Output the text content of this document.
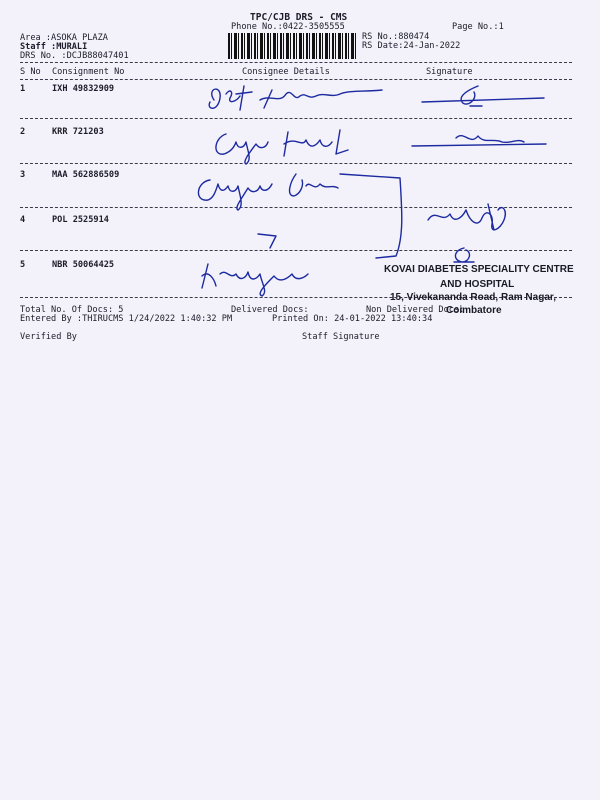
TPC/CJB DRS - CMS
Phone No.:0422-3505555	Page No.:1
Area :ASOKA PLAZA
Staff :MURALI
DRS No. :DCJB88047401
RS No.:880474
RS Date:24-Jan-2022
S No Consignment No	Consignee Details	Signature
1	IXH 49832909
2	KRR 721203
3	MAA 562886509
4	POL 2525914
5	NBR 50064425	KOVAI DIABETES SPECIALITY CENTRE
AND HOSPITAL
15, Vivekananda Road, Ram Nagar,
Coimbatore
Total No. Of Docs: 5	Delivered Docs:	Non Delivered Docs:
Entered By :THIRUCMS 1/24/2022 1:40:32 PM	Printed On: 24-01-2022 13:40:34
Verified By	Staff Signature
